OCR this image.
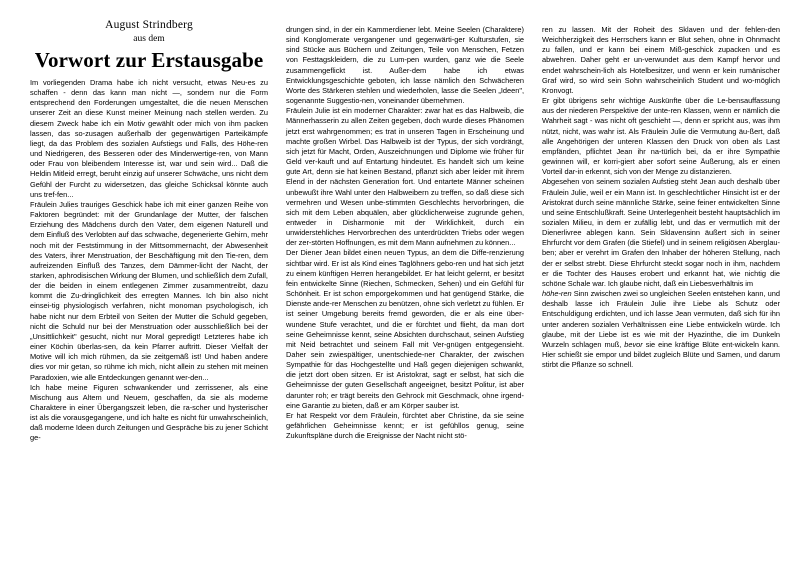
August Strindberg
aus dem
Vorwort zur Erstausgabe

Im vorliegenden Drama habe ich nicht versucht, etwas Neu-es zu schaffen - denn das kann man nicht —, sondern nur die Form entsprechend den Forderungen umgestaltet, die die neuen Menschen unserer Zeit an diese Kunst meiner Meinung nach stellen werden. Zu diesem Zweck habe ich ein Motiv gewählt oder mich von ihm packen lassen, das so-zusagen außerhalb der gegenwärtigen Parteikämpfe liegt, da das Problem des sozialen Aufstiegs und Falls, des Höhe-ren und Niedrigeren, des Besseren oder des Minderwertige-ren, von Mann oder Frau von bleibendem Interesse ist, war und sein wird... Daß die Heldin Mitleid erregt, beruht einzig auf unserer Schwäche, uns nicht dem Gefühl der Furcht zu widersetzen, das gleiche Schicksal könnte auch uns tref-fen...

Fräulein Julies trauriges Geschick habe ich mit einer ganzen Reihe von Faktoren begründet: mit der Grundanlage der Mutter, der falschen Erziehung des Mädchens durch den Vater, dem eigenen Naturell und dem Einfluß des Verlobten auf das schwache, degenerierte Gehirn, mehr noch mit der Feststimmung in der Mittsommernacht, der Abwesenheit des Vaters, ihrer Menstruation, der Beschäftigung mit den Tie-ren, dem aufreizenden Einfluß des Tanzes, dem Dämmer-licht der Nacht, der starken, aphrodisischen Wirkung der Blumen, und schließlich dem Zufall, der die beiden in einem entlegenen Zimmer zusammentreibt, dazu kommt die Zu-dringlichkeit des erregten Mannes. Ich bin also nicht einsei-tig physiologisch verfahren, nicht monoman psychologisch, ich habe nicht nur dem Erbteil von Seiten der Mutter die Schuld gegeben, nicht die Schuld nur bei der Menstruation oder ausschließlich bei der „Unsittlichkeit" gesucht, nicht nur Moral gepredigt! Letzteres habe ich einer Köchin überlas-sen, da kein Pfarrer auftritt. Dieser Vielfalt der Motive will ich mich rühmen, da sie zeitgemäß ist! Und haben andere dies vor mir getan, so rühme ich mich, nicht allein zu stehen mit meinen Paradoxien, wie alle Entdeckungen genannt wer-den...

Ich habe meine Figuren schwankender und zerrissener, als eine Mischung aus Altem und Neuem, geschaffen, da sie als moderne Charaktere in einer Übergangszeit leben, die ra-scher und hysterischer ist als die vorausgegangene, und ich halte es nicht für unwahrscheinlich, daß moderne Ideen durch Zeitungen und Gespräche bis zu jener Schicht ge-

drungen sind, in der ein Kammerdiener lebt. Meine Seelen (Charaktere) sind Konglomerate vergangener und gegenwärti-ger Kulturstufen, sie sind Stücke aus Büchern und Zeitungen, Teile von Menschen, Fetzen von Festtagskleidern, die zu Lum-pen wurden, ganz wie die Seele zusammengeflickt ist. Außer-dem habe ich etwas Entwicklungsgeschichte geboten, ich lasse nämlich den Schwächeren Worte des Stärkeren stehlen und wiederholen, lasse die Seelen „Ideen", sogenannte Suggestio-nen, voneinander übernehmen.

Fräulein Julie ist ein moderner Charakter: zwar hat es das Halbweib, die Männerhasserin zu allen Zeiten gegeben, doch wurde dieses Phänomen jetzt erst wahrgenommen; es trat in unseren Tagen in Erscheinung und machte großen Wirbel. Das Halbweib ist der Typus, der sich vordrängt, sich jetzt für Macht, Orden, Auszeichnungen und Diplome wie früher für Geld ver-kauft und auf Entartung hindeutet. Es handelt sich um keine gute Art, denn sie hat keinen Bestand, pflanzt sich aber leider mit ihrem Elend in der nächsten Generation fort. Und entartete Männer scheinen unbewußt ihre Wahl unter den Halbweibern zu treffen, so daß diese sich vermehren und Wesen unbe-stimmten Geschlechts hervorbringen, die sich mit dem Leben abquälen, aber glücklicherweise zugrunde gehen, entweder in Disharmonie mit der Wirklichkeit, durch ein unwiderstehliches Hervorbrechen des unterdrückten Triebs oder wegen der zer-störten Hoffnungen, es mit dem Mann aufnehmen zu können...

Der Diener Jean bildet einen neuen Typus, an dem die Diffe-renzierung sichtbar wird. Er ist als Kind eines Taglöhners gebo-ren und hat sich jetzt zu einem künftigen Herren herangebildet. Er hat leicht gelernt, er besitzt fein entwickelte Sinne (Riechen, Schmecken, Sehen) und ein Gefühl für Schönheit. Er ist schon emporgekommen und hat genügend Stärke, die Dienste ande-rer Menschen zu benützen, ohne sich verletzt zu fühlen. Er ist seiner Umgebung bereits fremd geworden, die er als eine über-wundene Stufe verachtet, und die er fürchtet und flieht, da man dort seine Geheimnisse kennt, seine Absichten durchschaut, seinen Aufstieg mit Neid betrachtet und seinem Fall mit Ver-gnügen entgegensieht. Daher sein zwiespältiger, unentschiede-ner Charakter, der zwischen Sympathie für das Hochgestellte und Haß gegen diejenigen schwankt, die jetzt dort oben sitzen. Er ist Aristokrat, sagt er selbst, hat sich die Geheimnisse der guten Gesellschaft angeeignet, besitzt Politur, ist aber darunter roh; er trägt bereits den Gehrock mit Geschmack, ohne irgend-eine Garantie zu bieten, daß er am Körper sauber ist.

Er hat Respekt vor dem Fräulein, fürchtet aber Christine, da sie seine gefährlichen Geheimnisse kennt; er ist gefühllos genug, seine Zukunftspläne durch die Ereignisse der Nacht nicht stö-

ren zu lassen. Mit der Roheit des Sklaven und der fehlen-den Weichherzigkeit des Herrschers kann er Blut sehen, ohne in Ohnmacht zu fallen, und er kann bei einem Miß-geschick zupacken und es abwehren. Daher geht er un-verwundet aus dem Kampf hervor und endet wahrschein-lich als Hotelbesitzer, und wenn er kein rumänischer Graf wird, so wird sein Sohn wahrscheinlich Student und wo-möglich Kronvogt.

Er gibt übrigens sehr wichtige Auskünfte über die Le-bensauffassung aus der niederen Perspektive der unte-ren Klassen, wenn er nämlich die Wahrheit sagt - was nicht oft geschieht —, denn er spricht aus, was ihm nützt, nicht, was wahr ist. Als Fräulein Julie die Vermutung äu-ßert, daß alle Angehörigen der unteren Klassen den Druck von oben als Last empfänden, pflichtet Jean ihr na-türlich bei, da er ihre Sympathie gewinnen will, er korri-giert aber sofort seine Äußerung, als er einen Vorteil dar-in erkennt, sich von der Menge zu distanzieren.

Abgesehen von seinem sozialen Aufstieg steht Jean auch deshalb über Fräulein Julie, weil er ein Mann ist. In geschlechtlicher Hinsicht ist er der Aristokrat durch seine männliche Stärke, seine feiner entwickelten Sinne und seine Entschlußkraft. Seine Unterlegenheit besteht hauptsächlich im sozialen Milieu, in dem er zufällig lebt, und das er vermutlich mit der Dienerlivree ablegen kann. Sein Sklavensinn äußert sich in seiner Ehrfurcht vor dem Grafen (die Stiefel) und in seinem religiösen Aberglau-ben; aber er verehrt im Grafen den Inhaber der höheren Stellung, nach der er selbst strebt. Diese Ehrfurcht steckt sogar noch in ihm, nachdem er die Tochter des Hauses erobert und erkannt hat, wie nichtig die schöne Schale war. Ich glaube nicht, daß ein Liebesverhältnis im

höhe-ren Sinn zwischen zwei so ungleichen Seelen entstehen kann, und deshalb lasse ich Fräulein Julie ihre Liebe als Schutz oder Entschuldigung erdichten, und ich lasse Jean vermuten, daß sich für ihn unter anderen sozialen Verhältnissen eine Liebe entwickeln würde. Ich glaube, mit der Liebe ist es wie mit der Hyazinthe, die im Dunkeln Wurzeln schlagen muß, bevor sie eine kräftige Blüte ent-wickeln kann. Hier schießt sie empor und bildet zugleich Blüte und Samen, und darum stirbt die Pflanze so schnell.
